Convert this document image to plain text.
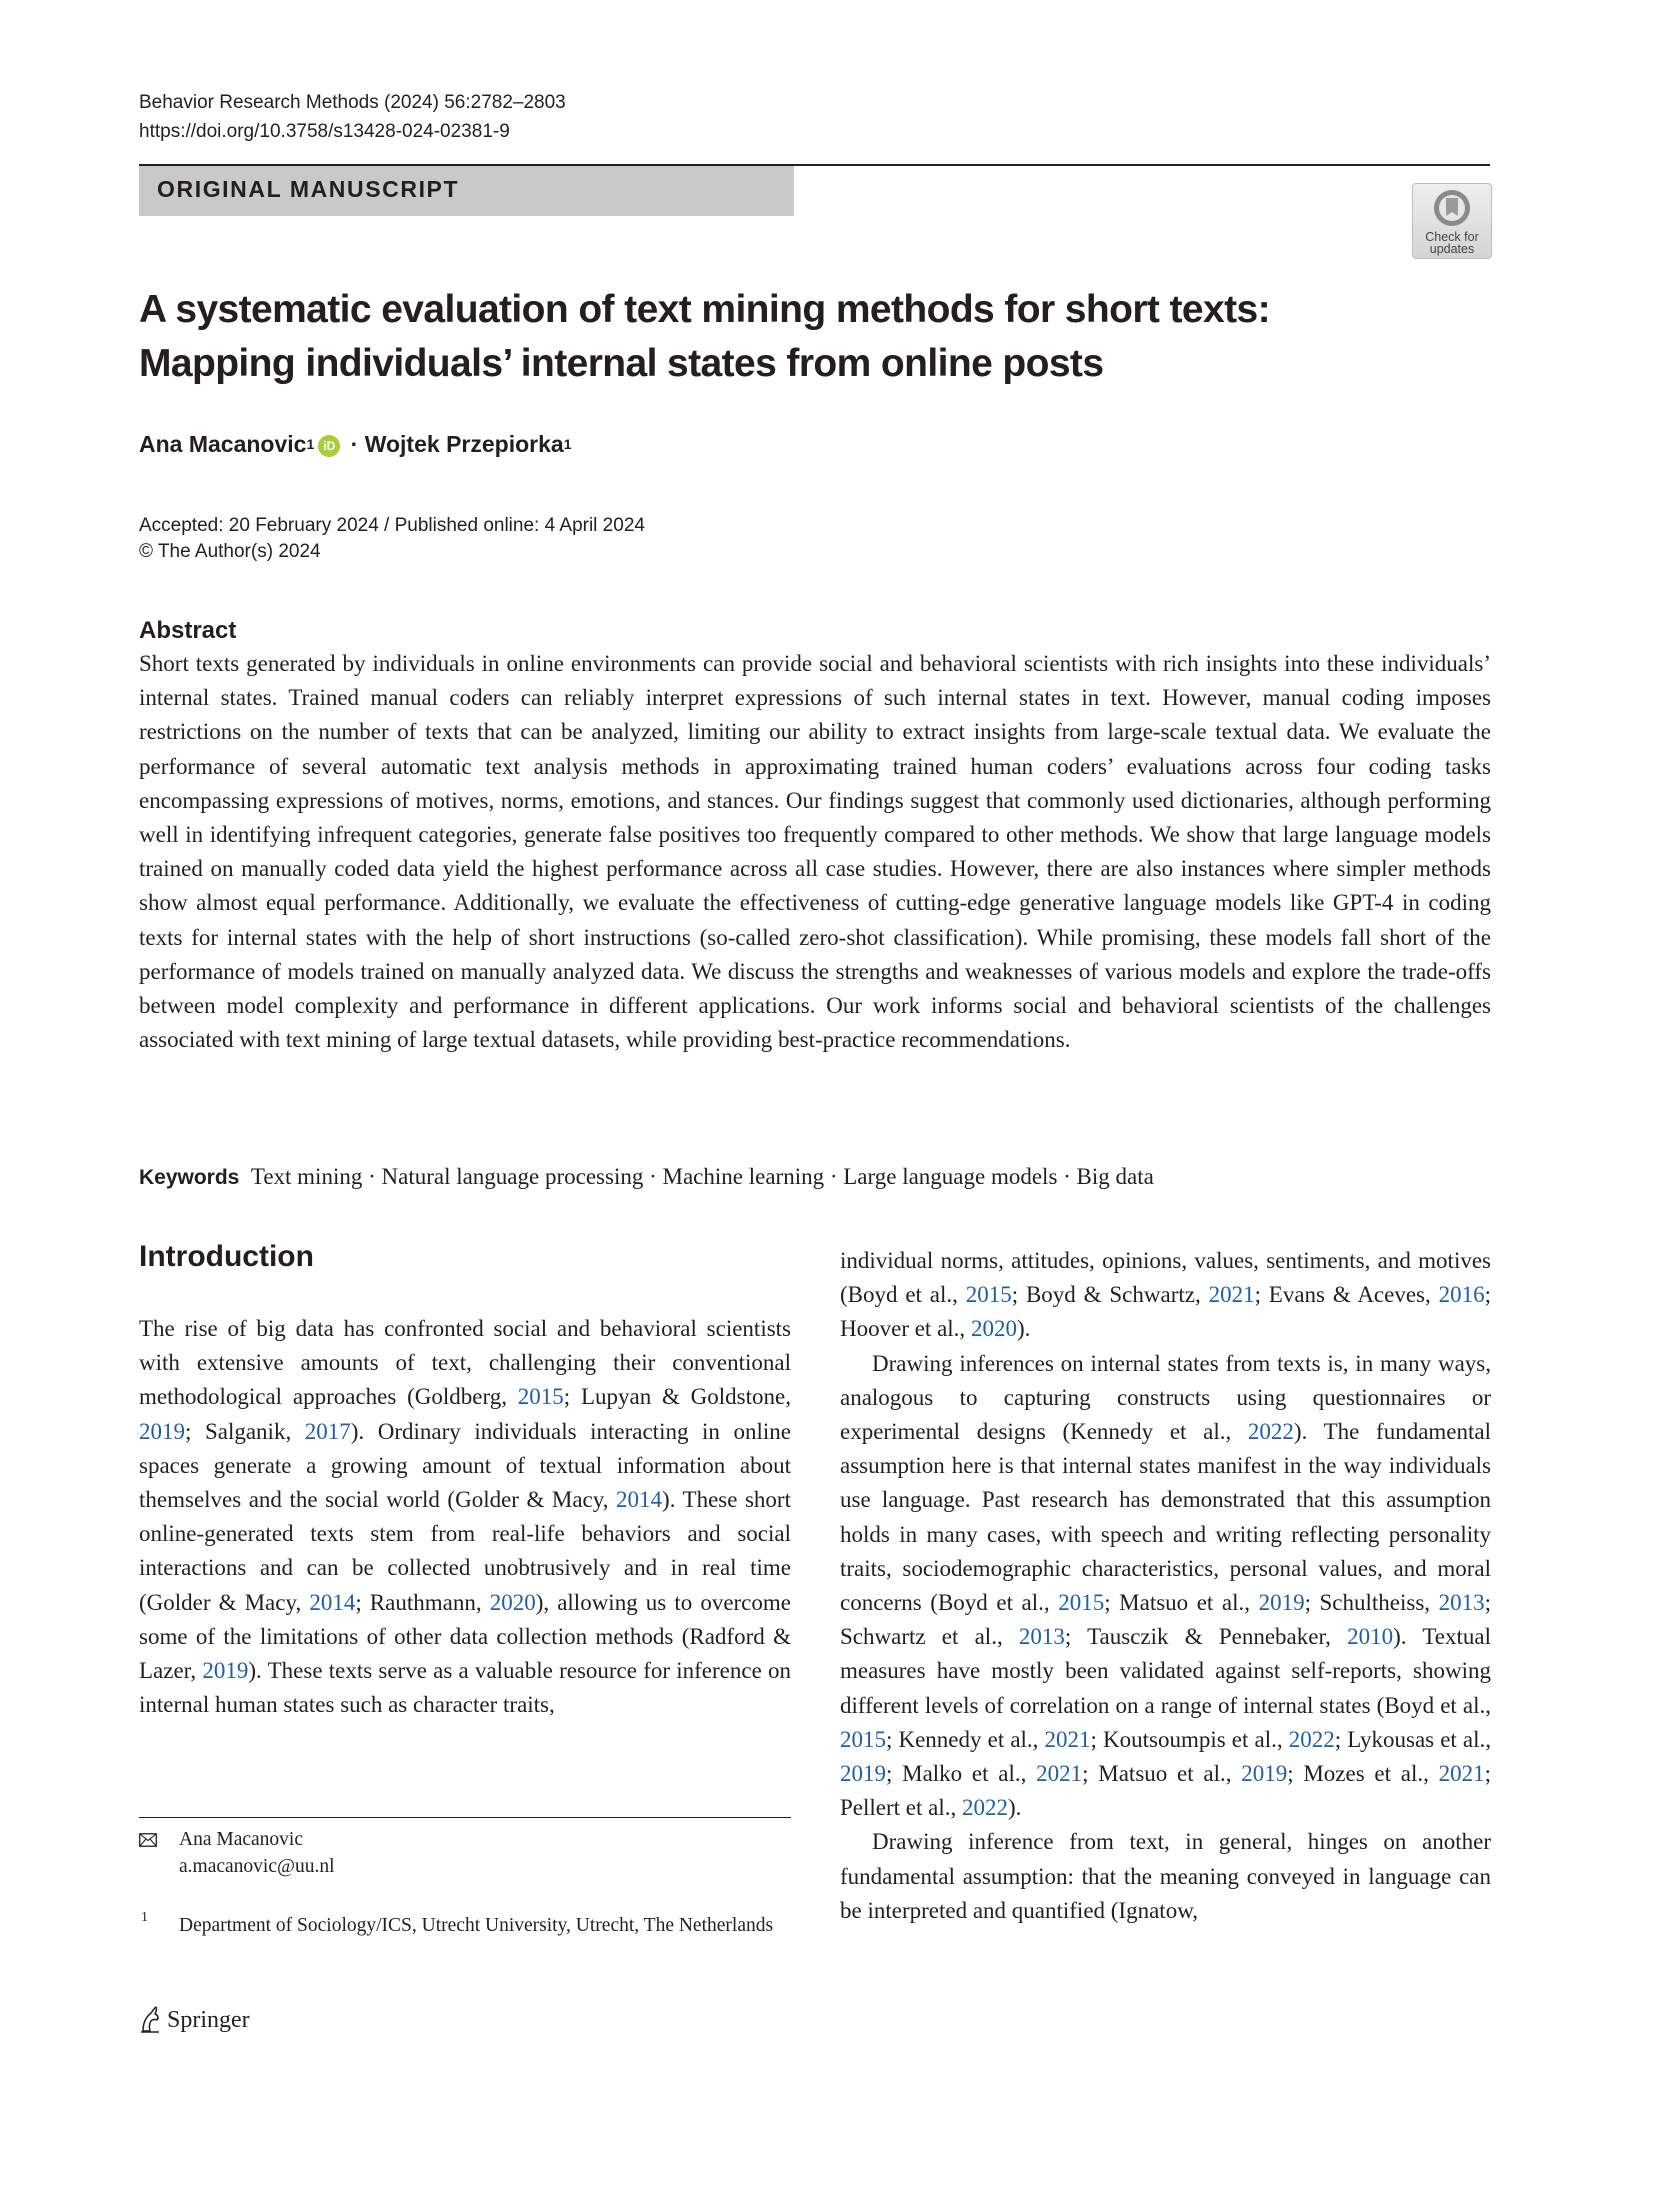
Behavior Research Methods (2024) 56:2782–2803
https://doi.org/10.3758/s13428-024-02381-9
ORIGINAL MANUSCRIPT
Check for
updates
A systematic evaluation of text mining methods for short texts:
Mapping individuals’ internal states from online posts
Ana Macanovic$^1$ iD · Wojtek Przepiorka$^1$
Accepted: 20 February 2024 / Published online: 4 April 2024
© The Author(s) 2024
Abstract
Short texts generated by individuals in online environments can provide social and behavioral scientists with rich insights into these individuals’ internal states. Trained manual coders can reliably interpret expressions of such internal states in text. However, manual coding imposes restrictions on the number of texts that can be analyzed, limiting our ability to extract insights from large-scale textual data. We evaluate the performance of several automatic text analysis methods in approximating trained human coders’ evaluations across four coding tasks encompassing expressions of motives, norms, emotions, and stances. Our findings suggest that commonly used dictionaries, although performing well in identifying infrequent categories, generate false positives too frequently compared to other methods. We show that large language models trained on manually coded data yield the highest performance across all case studies. However, there are also instances where simpler methods show almost equal performance. Additionally, we evaluate the effectiveness of cutting-edge generative language models like GPT-4 in coding texts for internal states with the help of short instructions (so-called zero-shot classification). While promising, these models fall short of the performance of models trained on manually analyzed data. We discuss the strengths and weaknesses of various models and explore the trade-offs between model complexity and performance in different applications. Our work informs social and behavioral scientists of the challenges associated with text mining of large textual datasets, while providing best-practice recommendations.
Keywords Text mining · Natural language processing · Machine learning · Large language models · Big data
Introduction
The rise of big data has confronted social and behavioral scientists with extensive amounts of text, challenging their conventional methodological approaches (Goldberg, 2015; Lupyan & Goldstone, 2019; Salganik, 2017). Ordinary individuals interacting in online spaces generate a growing amount of textual information about themselves and the social world (Golder & Macy, 2014). These short online-generated texts stem from real-life behaviors and social interactions and can be collected unobtrusively and in real time (Golder & Macy, 2014; Rauthmann, 2020), allowing us to overcome some of the limitations of other data collection methods (Radford & Lazer, 2019). These texts serve as a valuable resource for inference on internal human states such as character traits,
individual norms, attitudes, opinions, values, sentiments, and motives (Boyd et al., 2015; Boyd & Schwartz, 2021; Evans & Aceves, 2016; Hoover et al., 2020).
Drawing inferences on internal states from texts is, in many ways, analogous to capturing constructs using questionnaires or experimental designs (Kennedy et al., 2022). The fundamental assumption here is that internal states manifest in the way individuals use language. Past research has demonstrated that this assumption holds in many cases, with speech and writing reflecting personality traits, sociodemographic characteristics, personal values, and moral concerns (Boyd et al., 2015; Matsuo et al., 2019; Schultheiss, 2013; Schwartz et al., 2013; Tausczik & Pennebaker, 2010). Textual measures have mostly been validated against self-reports, showing different levels of correlation on a range of internal states (Boyd et al., 2015; Kennedy et al., 2021; Koutsoumpis et al., 2022; Lykousas et al., 2019; Malko et al., 2021; Matsuo et al., 2019; Mozes et al., 2021; Pellert et al., 2022).
Drawing inference from text, in general, hinges on another fundamental assumption: that the meaning conveyed in language can be interpreted and quantified (Ignatow,
Ana Macanovic
a.macanovic@uu.nl
1 Department of Sociology/ICS, Utrecht University, Utrecht, The Netherlands
Springer
